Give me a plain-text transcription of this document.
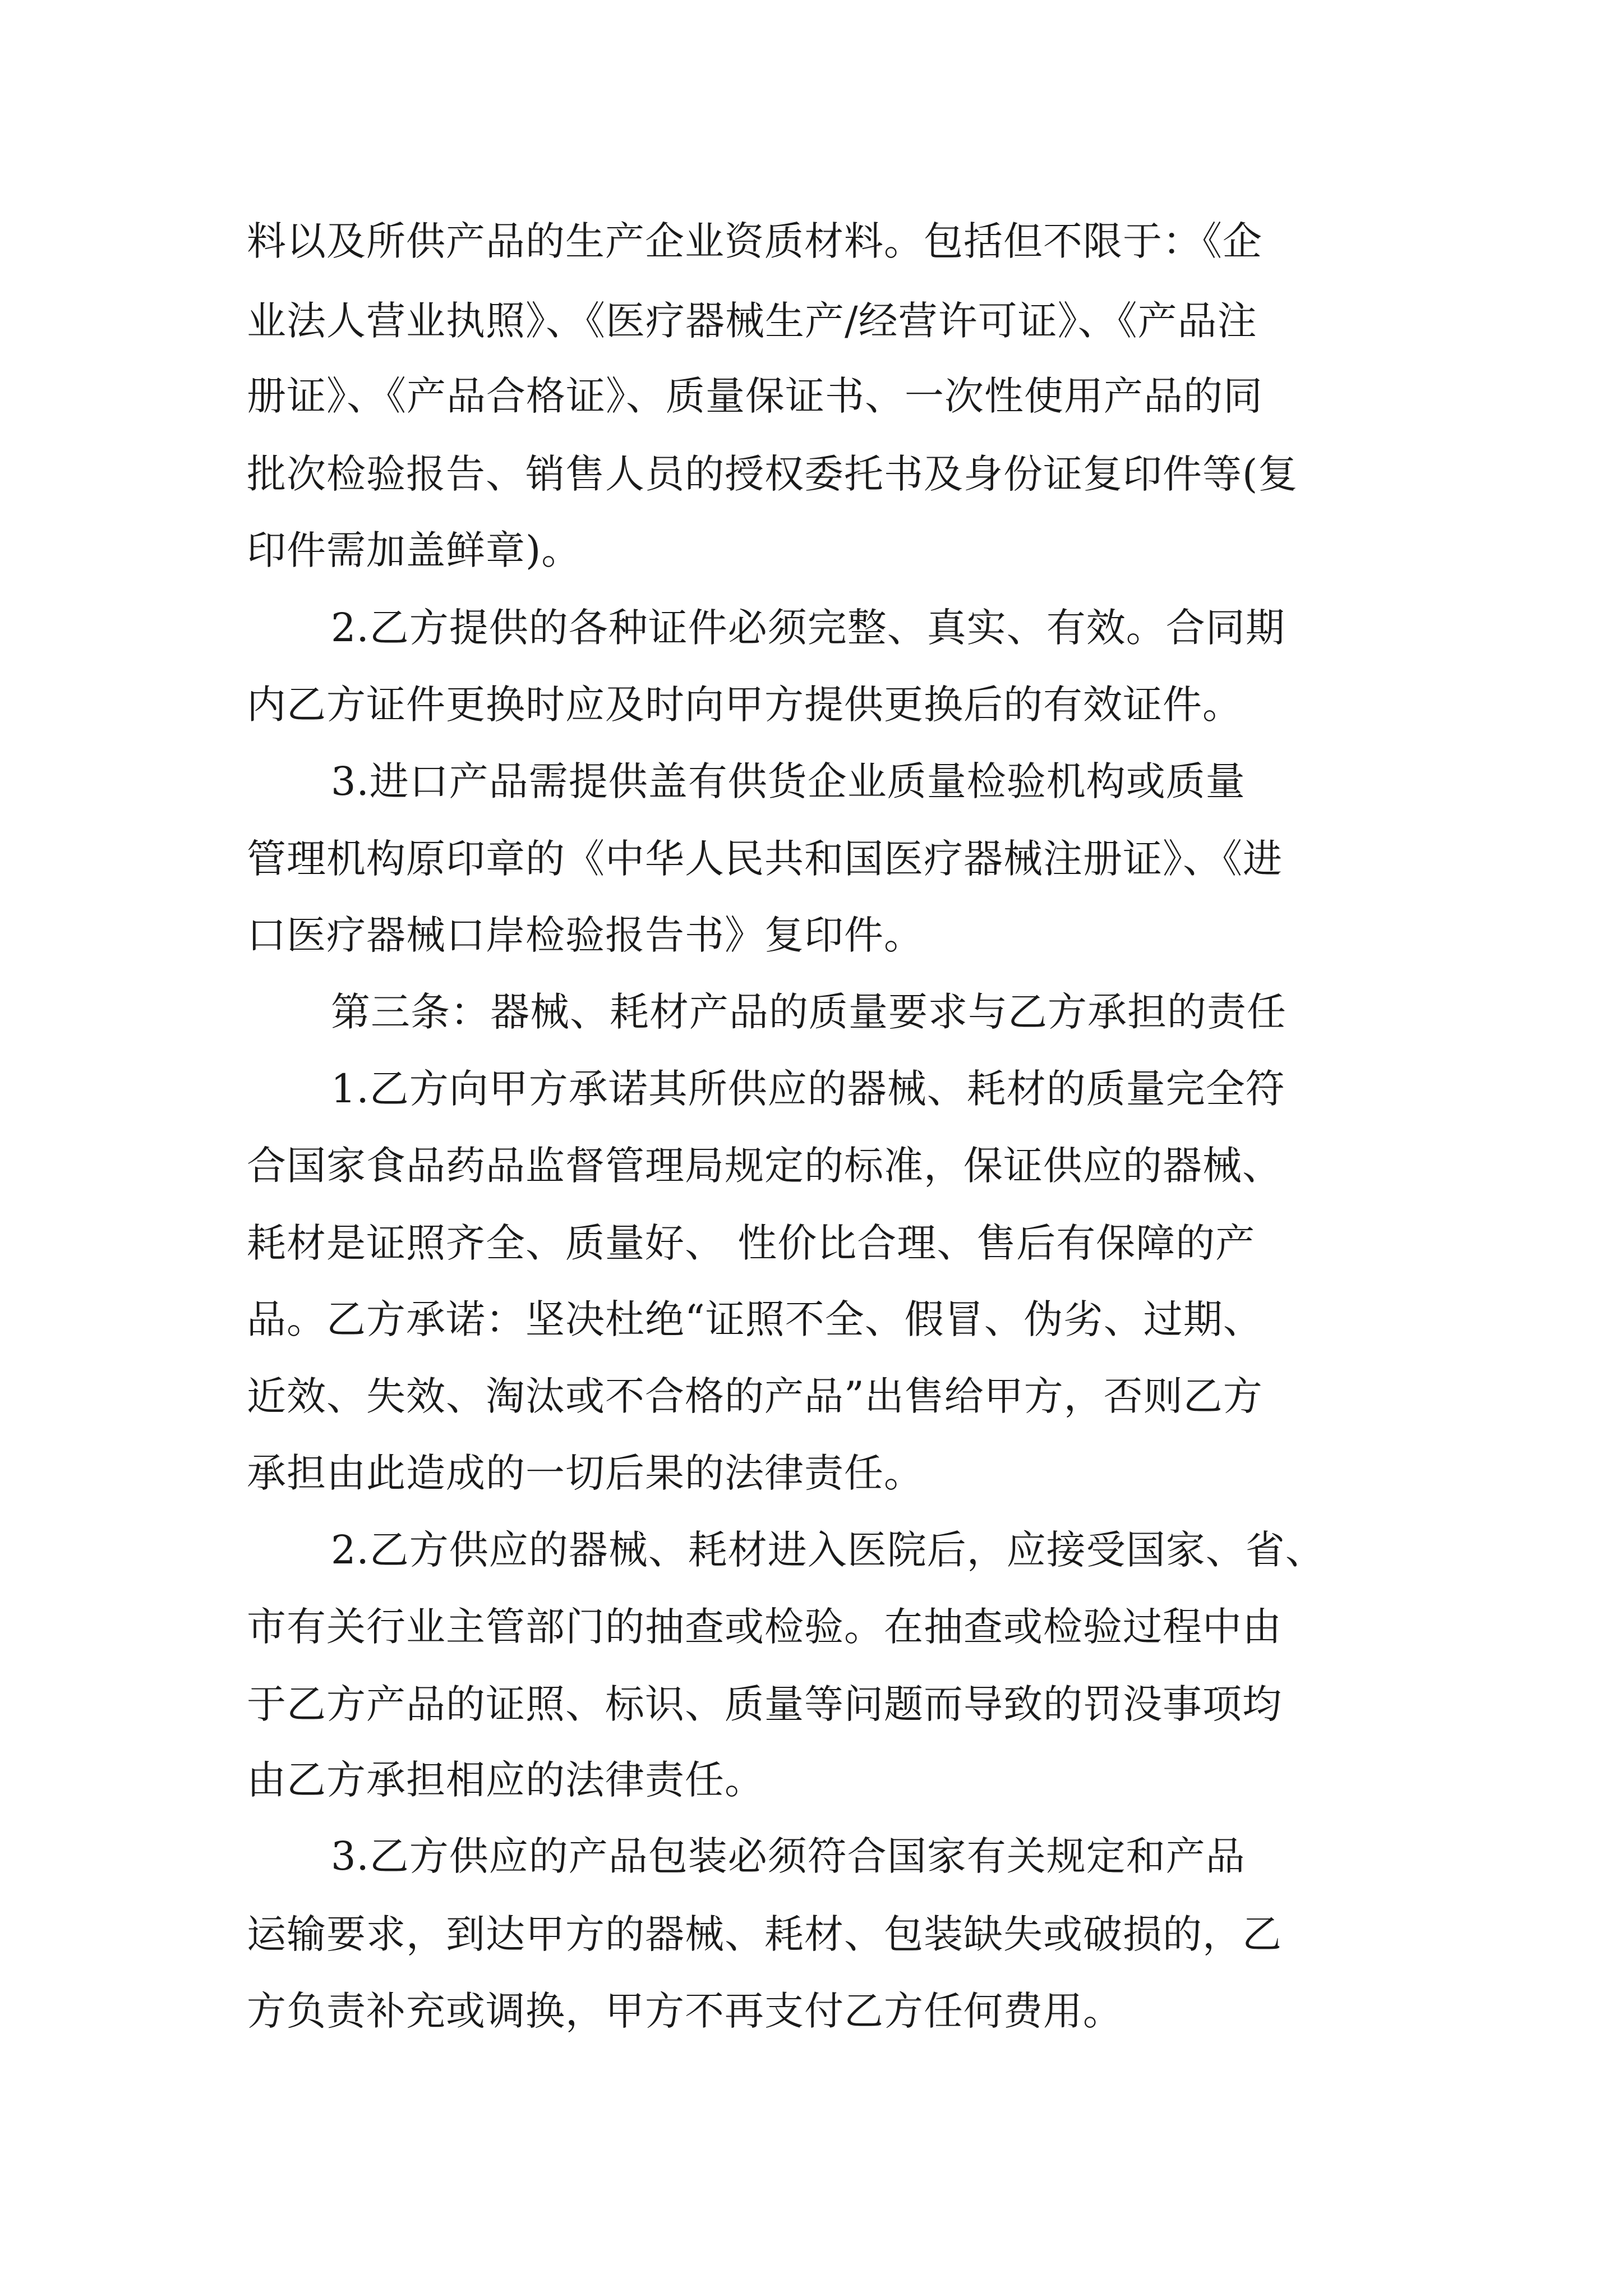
料以及所供产品的生产企业资质材料。包括但不限于：《企
业法人营业执照》、《医疗器械生产/经营许可证》、《产品注
册证》、《产品合格证》、质量保证书、一次性使用产品的同
批次检验报告、销售人员的授权委托书及身份证复印件等(复
印件需加盖鲜章)。
2.乙方提供的各种证件必须完整、真实、有效。合同期
内乙方证件更换时应及时向甲方提供更换后的有效证件。
3.进口产品需提供盖有供货企业质量检验机构或质量
管理机构原印章的《中华人民共和国医疗器械注册证》、《进
口医疗器械口岸检验报告书》复印件。
第三条：器械、耗材产品的质量要求与乙方承担的责任
1.乙方向甲方承诺其所供应的器械、耗材的质量完全符
合国家食品药品监督管理局规定的标准，保证供应的器械、
耗材是证照齐全、质量好、 性价比合理、售后有保障的产
品。乙方承诺：坚决杜绝“证照不全、假冒、伪劣、过期、
近效、失效、淘汰或不合格的产品”出售给甲方，否则乙方
承担由此造成的一切后果的法律责任。
2.乙方供应的器械、耗材进入医院后，应接受国家、省、
市有关行业主管部门的抽查或检验。在抽查或检验过程中由
于乙方产品的证照、标识、质量等问题而导致的罚没事项均
由乙方承担相应的法律责任。
3.乙方供应的产品包装必须符合国家有关规定和产品
运输要求，到达甲方的器械、耗材、包装缺失或破损的，乙
方负责补充或调换，甲方不再支付乙方任何费用。
